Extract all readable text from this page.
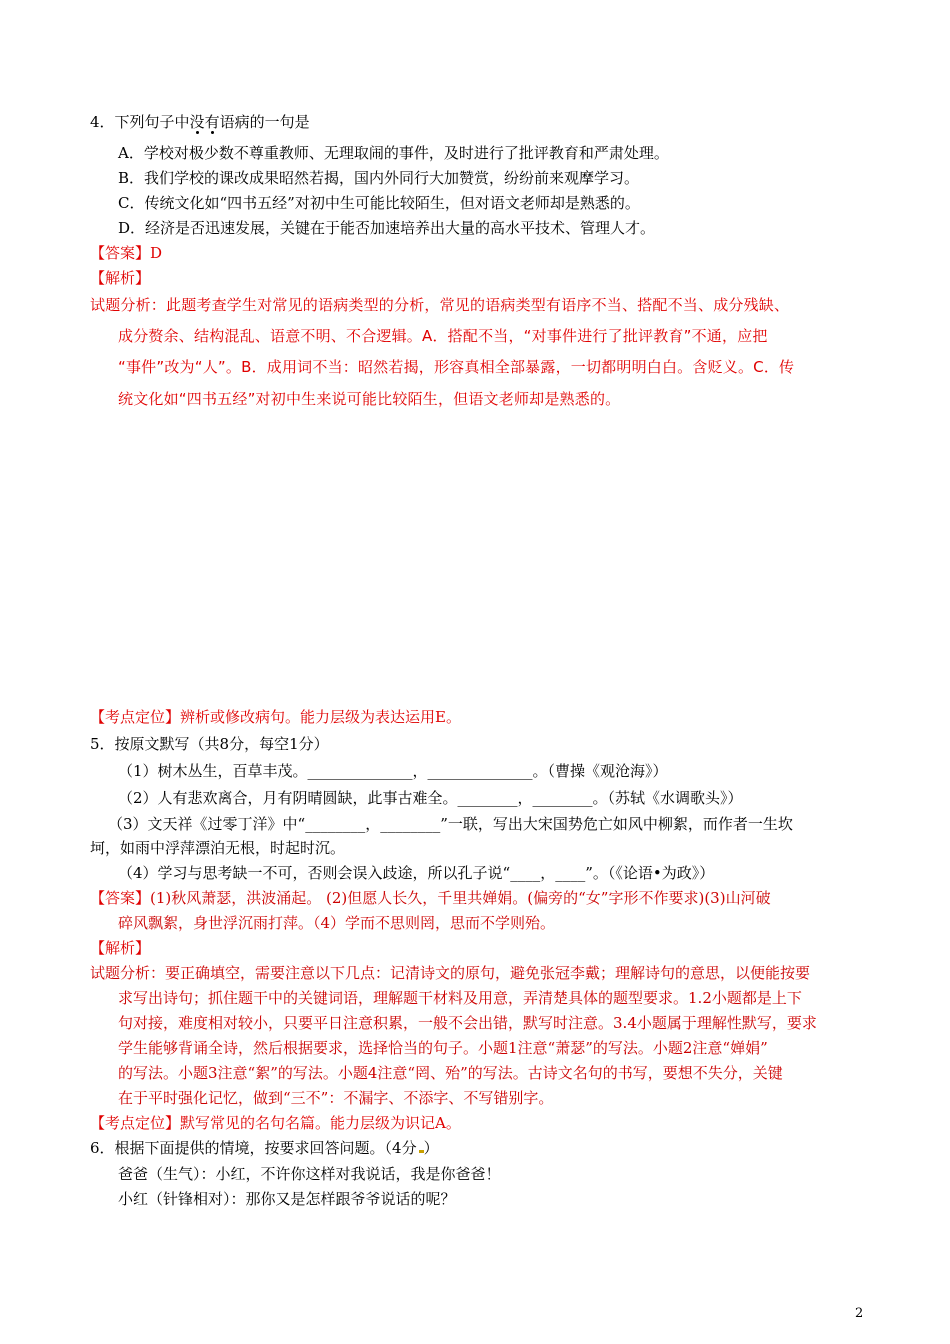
4．下列句子中没有语病的一句是
A．学校对极少数不尊重教师、无理取闹的事件，及时进行了批评教育和严肃处理。
B．我们学校的课改成果昭然若揭，国内外同行大加赞赏，纷纷前来观摩学习。
C．传统文化如“四书五经”对初中生可能比较陌生，但对语文老师却是熟悉的。
D．经济是否迅速发展，关键在于能否加速培养出大量的高水平技术、管理人才。
【答案】D
【解析】
试题分析：此题考查学生对常见的语病类型的分析，常见的语病类型有语序不当、搭配不当、成分残缺、
成分赘余、结构混乱、语意不明、不合逻辑。A．搭配不当，“对事件进行了批评教育”不通，应把
“事件”改为“人”。B．成用词不当：昭然若揭，形容真相全部暴露，一切都明明白白。含贬义。C．传
统文化如“四书五经”对初中生来说可能比较陌生，但语文老师却是熟悉的。
【考点定位】辨析或修改病句。能力层级为表达运用E。
5．按原文默写（共8分，每空1分）
（1）树木丛生，百草丰茂。______________，______________。（曹操《观沧海》）
（2）人有悲欢离合，月有阴晴圆缺，此事古难全。________，________。（苏轼《水调歌头》）
（3）文天祥《过零丁洋》中“________，________”一联，写出大宋国势危亡如风中柳絮，而作者一生坎
坷，如雨中浮萍漂泊无根，时起时沉。
（4）学习与思考缺一不可，否则会误入歧途，所以孔子说“____，____”。（《论语•为政》）
【答案】(1)秋风萧瑟，洪波涌起。 (2)但愿人长久，千里共婵娟。(偏旁的“女”字形不作要求)(3)山河破
碎风飘絮，身世浮沉雨打萍。（4）学而不思则罔，思而不学则殆。
【解析】
试题分析：要正确填空，需要注意以下几点：记清诗文的原句，避免张冠李戴；理解诗句的意思，以便能按要
求写出诗句；抓住题干中的关键词语，理解题干材料及用意，弄清楚具体的题型要求。1.2小题都是上下
句对接，难度相对较小，只要平日注意积累，一般不会出错，默写时注意。3.4小题属于理解性默写，要求
学生能够背诵全诗，然后根据要求，选择恰当的句子。小题1注意“萧瑟”的写法。小题2注意“婵娟”
的写法。小题3注意“絮”的写法。小题4注意“罔、殆”的写法。古诗文名句的书写，要想不失分，关键
在于平时强化记忆，做到“三不”：不漏字、不添字、不写错别字。
【考点定位】默写常见的名句名篇。能力层级为识记A。
6．根据下面提供的情境，按要求回答问题。（4分 ）
爸爸（生气）：小红，不许你这样对我说话，我是你爸爸！
小红（针锋相对）：那你又是怎样跟爷爷说话的呢？
2
